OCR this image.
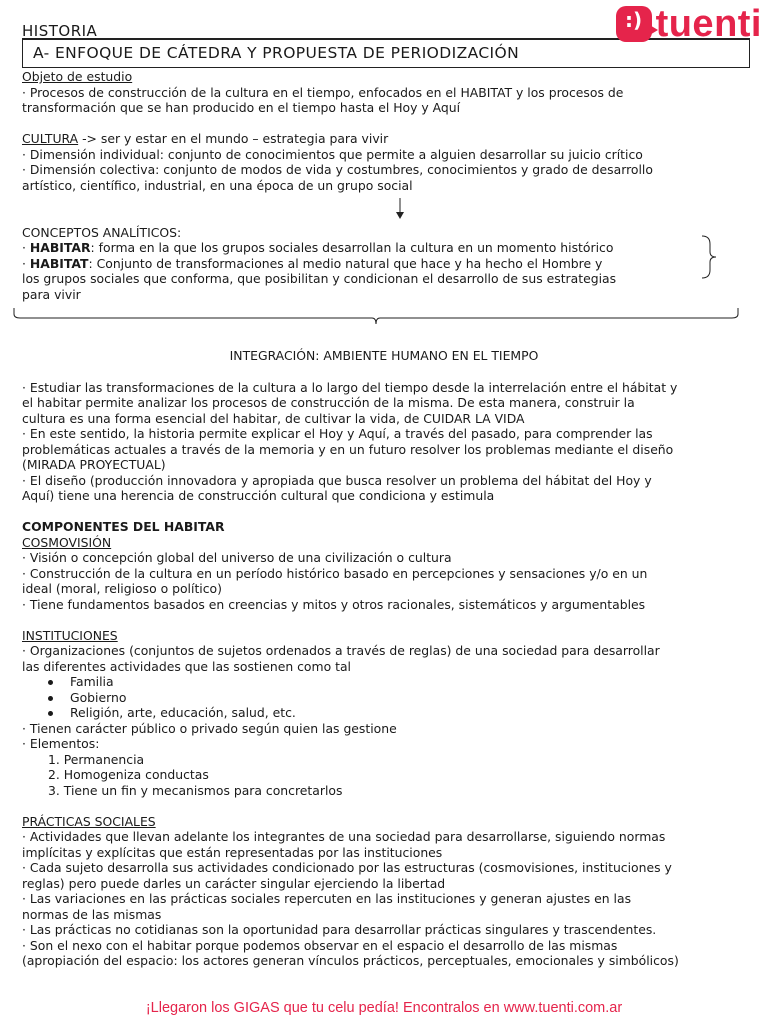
HISTORIA
A- ENFOQUE DE CÁTEDRA Y PROPUESTA DE PERIODIZACIÓN
:) tuenti
Objeto de estudio
· Procesos de construcción de la cultura en el tiempo, enfocados en el HABITAT y los procesos de
transformación que se han producido en el tiempo hasta el Hoy y Aquí
CULTURA -> ser y estar en el mundo – estrategia para vivir
· Dimensión individual: conjunto de conocimientos que permite a alguien desarrollar su juicio crítico
· Dimensión colectiva: conjunto de modos de vida y costumbres, conocimientos y grado de desarrollo
artístico, científico, industrial, en una época de un grupo social
CONCEPTOS ANALÍTICOS:
· HABITAR: forma en la que los grupos sociales desarrollan la cultura en un momento histórico
· HABITAT: Conjunto de transformaciones al medio natural que hace y ha hecho el Hombre y
los grupos sociales que conforma, que posibilitan y condicionan el desarrollo de sus estrategias
para vivir
INTEGRACIÓN: AMBIENTE HUMANO EN EL TIEMPO
· Estudiar las transformaciones de la cultura a lo largo del tiempo desde la interrelación entre el hábitat y
el habitar permite analizar los procesos de construcción de la misma. De esta manera, construir la
cultura es una forma esencial del habitar, de cultivar la vida, de CUIDAR LA VIDA
· En este sentido, la historia permite explicar el Hoy y Aquí, a través del pasado, para comprender las
problemáticas actuales a través de la memoria y en un futuro resolver los problemas mediante el diseño
(MIRADA PROYECTUAL)
· El diseño (producción innovadora y apropiada que busca resolver un problema del hábitat del Hoy y
Aquí) tiene una herencia de construcción cultural que condiciona y estimula
COMPONENTES DEL HABITAR
COSMOVISIÓN
· Visión o concepción global del universo de una civilización o cultura
· Construcción de la cultura en un período histórico basado en percepciones y sensaciones y/o en un
ideal (moral, religioso o político)
· Tiene fundamentos basados en creencias y mitos y otros racionales, sistemáticos y argumentables
INSTITUCIONES
· Organizaciones (conjuntos de sujetos ordenados a través de reglas) de una sociedad para desarrollar
las diferentes actividades que las sostienen como tal
Familia
Gobierno
Religión, arte, educación, salud, etc.
· Tienen carácter público o privado según quien las gestione
· Elementos:
1. Permanencia
2. Homogeniza conductas
3. Tiene un fin y mecanismos para concretarlos
PRÁCTICAS SOCIALES
· Actividades que llevan adelante los integrantes de una sociedad para desarrollarse, siguiendo normas
implícitas y explícitas que están representadas por las instituciones
· Cada sujeto desarrolla sus actividades condicionado por las estructuras (cosmovisiones, instituciones y
reglas) pero puede darles un carácter singular ejerciendo la libertad
· Las variaciones en las prácticas sociales repercuten en las instituciones y generan ajustes en las
normas de las mismas
· Las prácticas no cotidianas son la oportunidad para desarrollar prácticas singulares y trascendentes.
· Son el nexo con el habitar porque podemos observar en el espacio el desarrollo de las mismas
(apropiación del espacio: los actores generan vínculos prácticos, perceptuales, emocionales y simbólicos)
¡Llegaron los GIGAS que tu celu pedía! Encontralos en www.tuenti.com.ar
